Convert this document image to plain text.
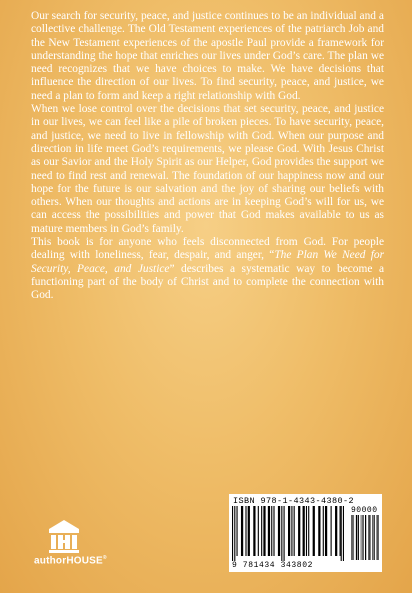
Our search for security, peace, and justice continues to be an individual and a collective challenge. The Old Testament experiences of the patriarch Job and the New Testament experiences of the apostle Paul provide a framework for understanding the hope that enriches our lives under God’s care. The plan we need recognizes that we have choices to make. We have decisions that influence the direction of our lives. To find security, peace, and justice, we need a plan to form and keep a right relationship with God.

When we lose control over the decisions that set security, peace, and justice in our lives, we can feel like a pile of broken pieces. To have security, peace, and justice, we need to live in fellowship with God. When our purpose and direction in life meet God’s requirements, we please God. With Jesus Christ as our Savior and the Holy Spirit as our Helper, God provides the support we need to find rest and renewal. The foundation of our happiness now and our hope for the future is our salvation and the joy of sharing our beliefs with others. When our thoughts and actions are in keeping God’s will for us, we can access the possibilities and power that God makes available to us as mature members in God’s family.

This book is for anyone who feels disconnected from God. For people dealing with loneliness, fear, despair, and anger, “The Plan We Need for Security, Peace, and Justice” describes a systematic way to become a functioning part of the body of Christ and to complete the connection with God.

authorHOUSE®
ISBN 978-1-4343-4380-2
90000
9 781434 343802
